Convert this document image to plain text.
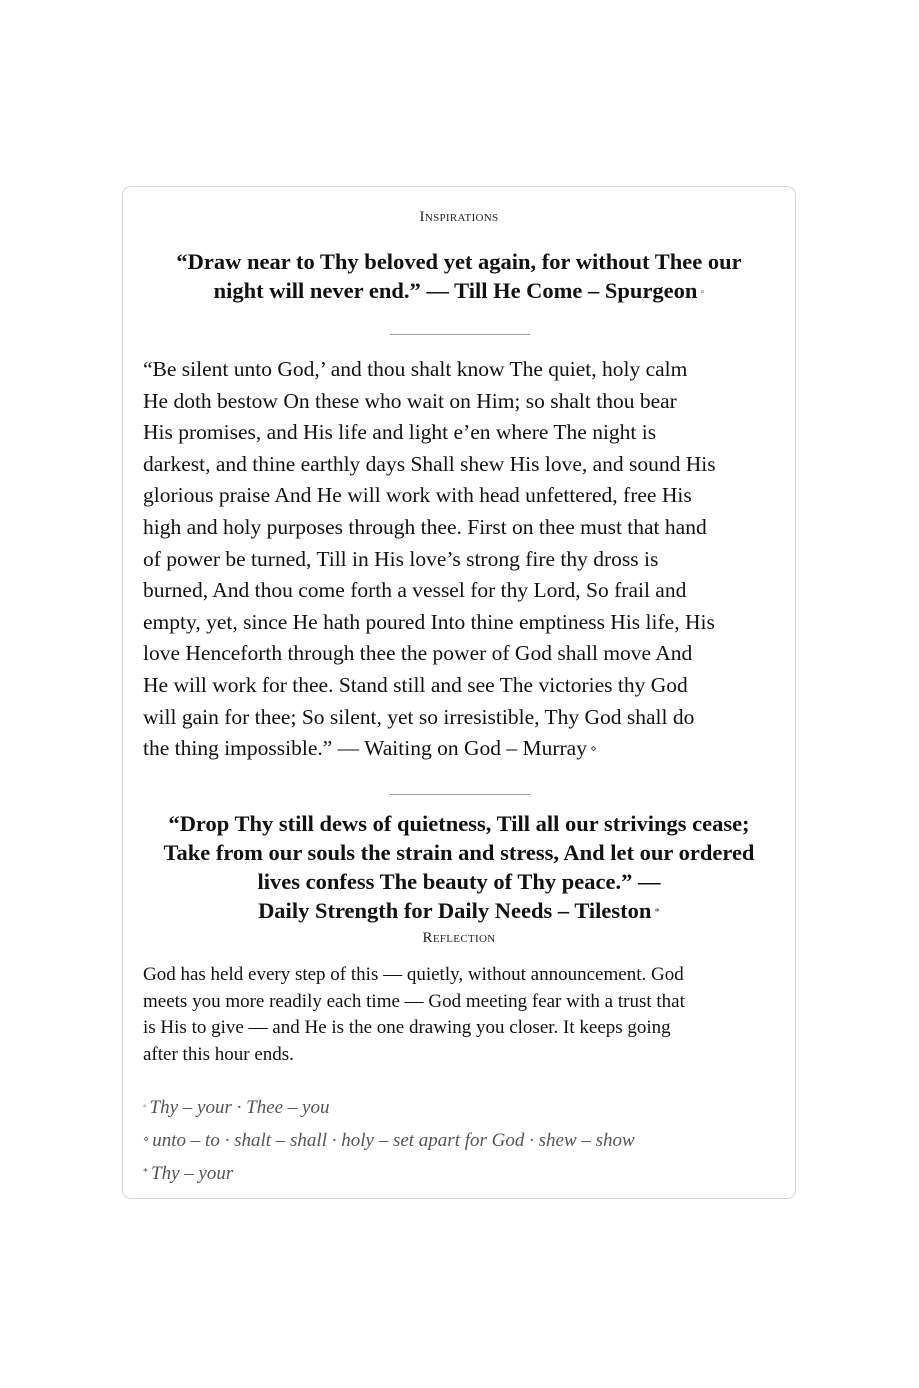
Inspirations
“Draw near to Thy beloved yet again, for without Thee our
night will never end.” — Till He Come – Spurgeon ◦
“Be silent unto God,’ and thou shalt know The quiet, holy calm
He doth bestow On these who wait on Him; so shalt thou bear
His promises, and His life and light e’en where The night is
darkest, and thine earthly days Shall shew His love, and sound His
glorious praise And He will work with head unfettered, free His
high and holy purposes through thee. First on thee must that hand
of power be turned, Till in His love’s strong fire thy dross is
burned, And thou come forth a vessel for thy Lord, So frail and
empty, yet, since He hath poured Into thine emptiness His life, His
love Henceforth through thee the power of God shall move And
He will work for thee. Stand still and see The victories thy God
will gain for thee; So silent, yet so irresistible, Thy God shall do
the thing impossible.” — Waiting on God – Murray ⋄
“Drop Thy still dews of quietness, Till all our strivings cease;
Take from our souls the strain and stress, And let our ordered
lives confess The beauty of Thy peace.” —
Daily Strength for Daily Needs – Tileston *
Reflection
God has held every step of this — quietly, without announcement. God
meets you more readily each time — God meeting fear with a trust that
is His to give — and He is the one drawing you closer. It keeps going
after this hour ends.
◦ Thy – your · Thee – you
⋄ unto – to · shalt – shall · holy – set apart for God · shew – show
* Thy – your
